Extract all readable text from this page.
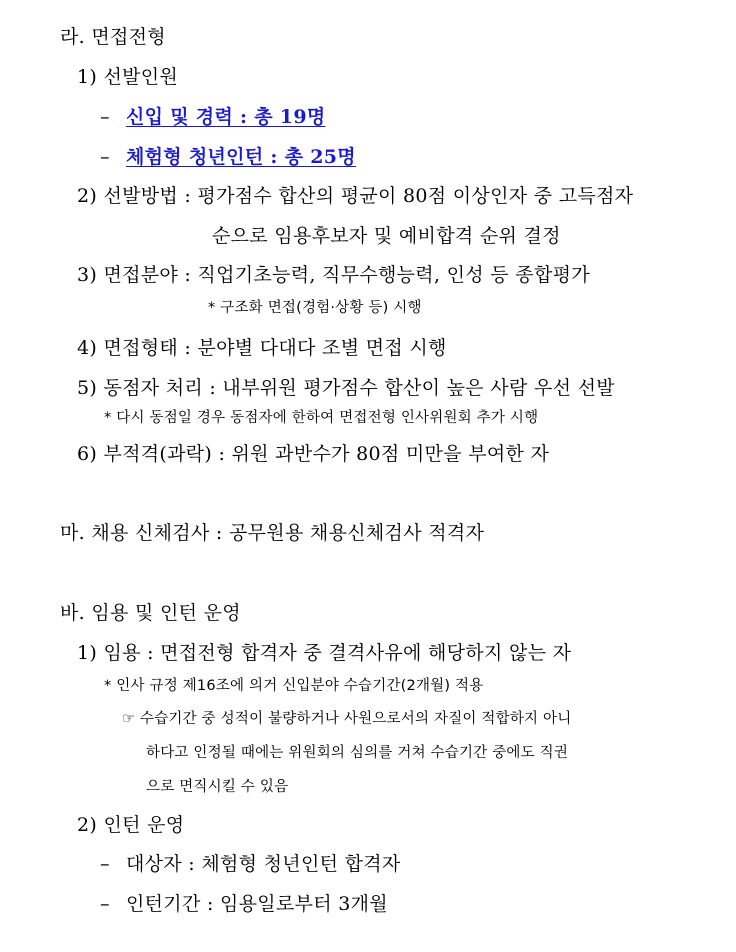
라. 면접전형
1) 선발인원
– 신입 및 경력 : 총 19명
– 체험형 청년인턴 : 총 25명
2) 선발방법 : 평가점수 합산의 평균이 80점 이상인자 중 고득점자
순으로 임용후보자 및 예비합격 순위 결정
3) 면접분야 : 직업기초능력, 직무수행능력, 인성 등 종합평가
* 구조화 면접(경험·상황 등) 시행
4) 면접형태 : 분야별 다대다 조별 면접 시행
5) 동점자 처리 : 내부위원 평가점수 합산이 높은 사람 우선 선발
* 다시 동점일 경우 동점자에 한하여 면접전형 인사위원회 추가 시행
6) 부적격(과락) : 위원 과반수가 80점 미만을 부여한 자
마. 채용 신체검사 : 공무원용 채용신체검사 적격자
바. 임용 및 인턴 운영
1) 임용 : 면접전형 합격자 중 결격사유에 해당하지 않는 자
* 인사 규정 제16조에 의거 신입분야 수습기간(2개월) 적용
☞ 수습기간 중 성적이 불량하거나 사원으로서의 자질이 적합하지 아니
하다고 인정될 때에는 위원회의 심의를 거쳐 수습기간 중에도 직권
으로 면직시킬 수 있음
2) 인턴 운영
– 대상자 : 체험형 청년인턴 합격자
– 인턴기간 : 임용일로부터 3개월
